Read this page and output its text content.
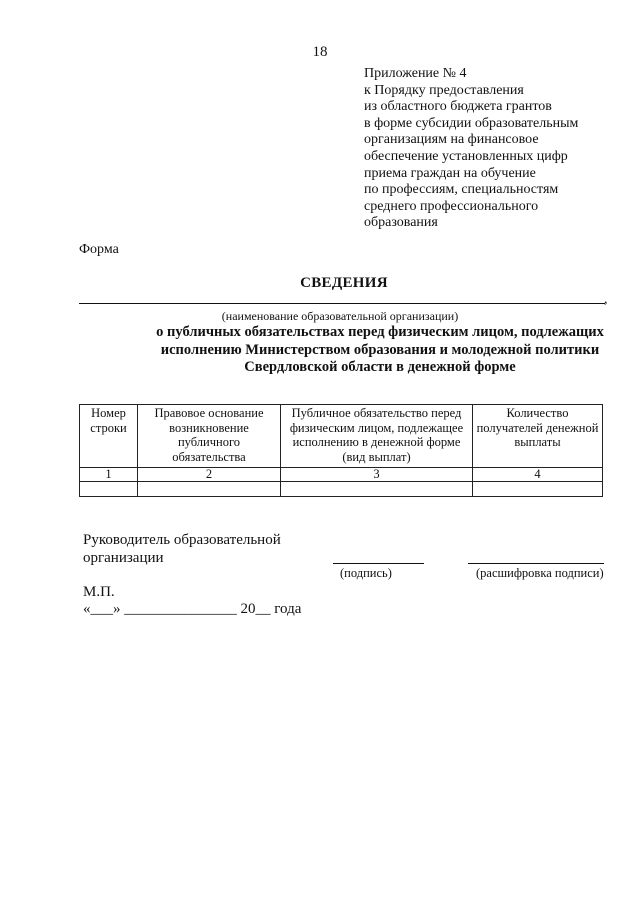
18
Приложение № 4
к Порядку предоставления
из областного бюджета грантов
в форме субсидии образовательным
организациям на финансовое
обеспечение установленных цифр
приема граждан на обучение
по профессиям, специальностям
среднего профессионального
образования
Форма
СВЕДЕНИЯ
,
(наименование образовательной организации)
о публичных обязательствах перед физическим лицом, подлежащих
исполнению Министерством образования и молодежной политики
Свердловской области в денежной форме
Номер строки	Правовое основание возникновение публичного обязательства	Публичное обязательство перед физическим лицом, подлежащее исполнению в денежной форме (вид выплат)	Количество получателей денежной выплаты
1	2	3	4

Руководитель образовательной
организации
(подпись)	(расшифровка подписи)
М.П.
«___» _______________ 20__ года
